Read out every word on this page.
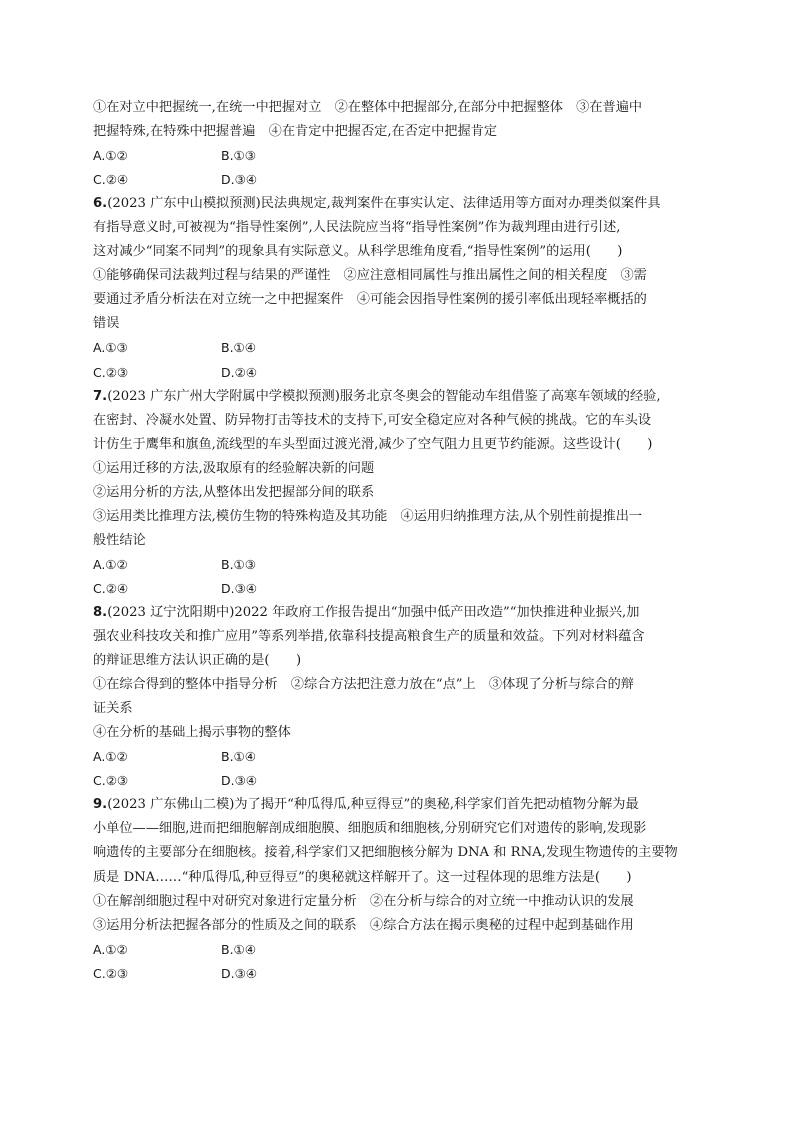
①在对立中把握统一,在统一中把握对立　②在整体中把握部分,在部分中把握整体　③在普遍中
把握特殊,在特殊中把握普遍　④在肯定中把握否定,在否定中把握肯定
A.①②	B.①③
C.②④	D.③④
6.(2023 广东中山模拟预测)民法典规定,裁判案件在事实认定、法律适用等方面对办理类似案件具
有指导意义时,可被视为“指导性案例”,人民法院应当将“指导性案例”作为裁判理由进行引述,
这对减少“同案不同判”的现象具有实际意义。从科学思维角度看,“指导性案例”的运用(　　)
①能够确保司法裁判过程与结果的严谨性　②应注意相同属性与推出属性之间的相关程度　③需
要通过矛盾分析法在对立统一之中把握案件　④可能会因指导性案例的援引率低出现轻率概括的
错误
A.①③	B.①④
C.②③	D.②④
7.(2023 广东广州大学附属中学模拟预测)服务北京冬奥会的智能动车组借鉴了高寒车领域的经验,
在密封、冷凝水处置、防异物打击等技术的支持下,可安全稳定应对各种气候的挑战。它的车头设
计仿生于鹰隼和旗鱼,流线型的车头型面过渡光滑,减少了空气阻力且更节约能源。这些设计(　　)
①运用迁移的方法,汲取原有的经验解决新的问题
②运用分析的方法,从整体出发把握部分间的联系
③运用类比推理方法,模仿生物的特殊构造及其功能　④运用归纳推理方法,从个别性前提推出一
般性结论
A.①②	B.①③
C.②④	D.③④
8.(2023 辽宁沈阳期中)2022 年政府工作报告提出“加强中低产田改造”“加快推进种业振兴,加
强农业科技攻关和推广应用”等系列举措,依靠科技提高粮食生产的质量和效益。下列对材料蕴含
的辩证思维方法认识正确的是(　　)
①在综合得到的整体中指导分析　②综合方法把注意力放在“点”上　③体现了分析与综合的辩
证关系
④在分析的基础上揭示事物的整体
A.①②	B.①④
C.②③	D.③④
9.(2023 广东佛山二模)为了揭开“种瓜得瓜,种豆得豆”的奥秘,科学家们首先把动植物分解为最
小单位——细胞,进而把细胞解剖成细胞膜、细胞质和细胞核,分别研究它们对遗传的影响,发现影
响遗传的主要部分在细胞核。接着,科学家们又把细胞核分解为 DNA 和 RNA,发现生物遗传的主要物
质是 DNA……“种瓜得瓜,种豆得豆”的奥秘就这样解开了。这一过程体现的思维方法是(　　)
①在解剖细胞过程中对研究对象进行定量分析　②在分析与综合的对立统一中推动认识的发展
③运用分析法把握各部分的性质及之间的联系　④综合方法在揭示奥秘的过程中起到基础作用
A.①②	B.①④
C.②③	D.③④
